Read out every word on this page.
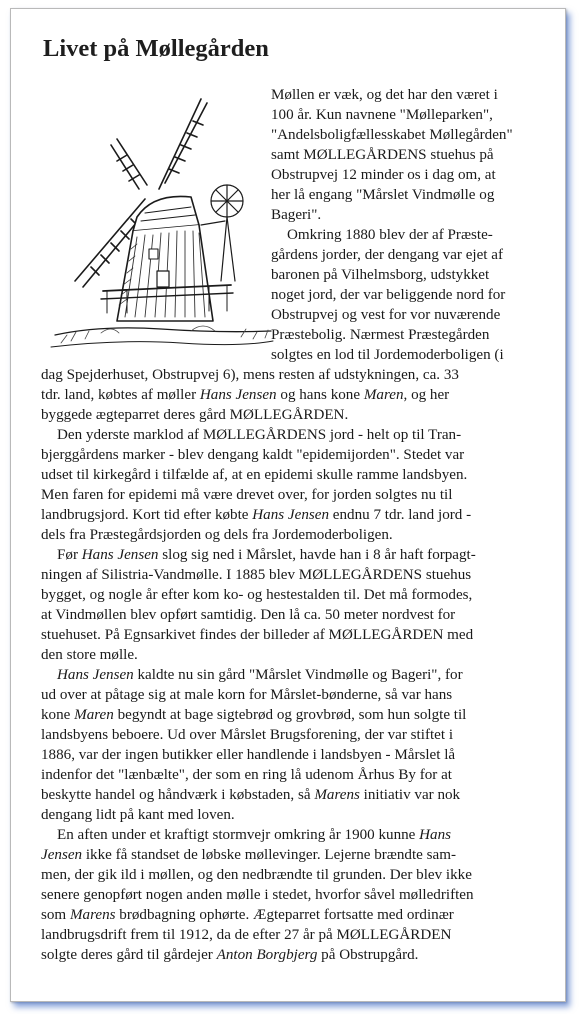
Livet på Møllegården

Møllen er væk, og det har den været i

100 år. Kun navnene "Mølleparken",

"Andelsboligfællesskabet Møllegården"

samt MØLLEGÅRDENS stuehus på

Obstrupvej 12 minder os i dag om, at

her lå engang "Mårslet Vindmølle og

Bageri".

Omkring 1880 blev der af Præste-

gårdens jorder, der dengang var ejet af

baronen på Vilhelmsborg, udstykket

noget jord, der var beliggende nord for

Obstrupvej og vest for vor nuværende

Præstebolig. Nærmest Præstegården

solgtes en lod til Jordemoderboligen (i

dag Spejderhuset, Obstrupvej 6), mens resten af udstykningen, ca. 33

tdr. land, købtes af møller Hans Jensen og hans kone Maren, og her

byggede ægteparret deres gård MØLLEGÅRDEN.

Den yderste marklod af MØLLEGÅRDENS jord - helt op til Tran-

bjerggårdens marker - blev dengang kaldt "epidemijorden". Stedet var

udset til kirkegård i tilfælde af, at en epidemi skulle ramme landsbyen.

Men faren for epidemi må være drevet over, for jorden solgtes nu til

landbrugsjord. Kort tid efter købte Hans Jensen endnu 7 tdr. land jord -

dels fra Præstegårdsjorden og dels fra Jordemoderboligen.

Før Hans Jensen slog sig ned i Mårslet, havde han i 8 år haft forpagt-

ningen af Silistria-Vandmølle. I 1885 blev MØLLEGÅRDENS stuehus

bygget, og nogle år efter kom ko- og hestestalden til. Det må formodes,

at Vindmøllen blev opført samtidig. Den lå ca. 50 meter nordvest for

stuehuset. På Egnsarkivet findes der billeder af MØLLEGÅRDEN med

den store mølle.

Hans Jensen kaldte nu sin gård "Mårslet Vindmølle og Bageri", for

ud over at påtage sig at male korn for Mårslet-bønderne, så var hans

kone Maren begyndt at bage sigtebrød og grovbrød, som hun solgte til

landsbyens beboere. Ud over Mårslet Brugsforening, der var stiftet i

1886, var der ingen butikker eller handlende i landsbyen - Mårslet lå

indenfor det "lænbælte", der som en ring lå udenom Århus By for at

beskytte handel og håndværk i købstaden, så Marens initiativ var nok

dengang lidt på kant med loven.

En aften under et kraftigt stormvejr omkring år 1900 kunne Hans

Jensen ikke få standset de løbske møllevinger. Lejerne brændte sam-

men, der gik ild i møllen, og den nedbrændte til grunden. Der blev ikke

senere genopført nogen anden mølle i stedet, hvorfor såvel mølledriften

som Marens brødbagning ophørte. Ægteparret fortsatte med ordinær

landbrugsdrift frem til 1912, da de efter 27 år på MØLLEGÅRDEN

solgte deres gård til gårdejer Anton Borgbjerg på Obstrupgård.
